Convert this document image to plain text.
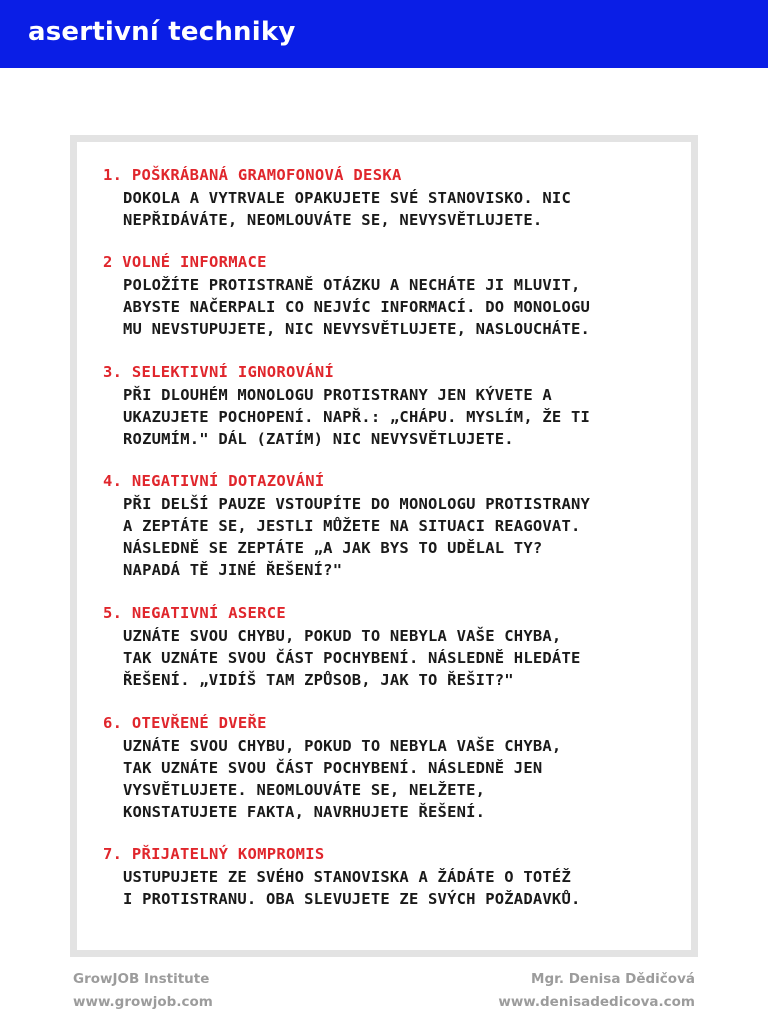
asertivní techniky
1. POŠKRÁBANÁ GRAMOFONOVÁ DESKA
DOKOLA A VYTRVALE OPAKUJETE SVÉ STANOVISKO. NIC
NEPŘIDÁVÁTE, NEOMLOUVÁTE SE, NEVYSVĚTLUJETE.
2 VOLNÉ INFORMACE
POLOŽÍTE PROTISTRANĚ OTÁZKU A NECHÁTE JI MLUVIT,
ABYSTE NAČERPALI CO NEJVÍC INFORMACÍ. DO MONOLOGU
MU NEVSTUPUJETE, NIC NEVYSVĚTLUJETE, NASLOUCHÁTE.
3. SELEKTIVNÍ IGNOROVÁNÍ
PŘI DLOUHÉM MONOLOGU PROTISTRANY JEN KÝVETE A
UKAZUJETE POCHOPENÍ. NAPŘ.: „CHÁPU. MYSLÍM, ŽE TI
ROZUMÍM." DÁL (ZATÍM) NIC NEVYSVĚTLUJETE.
4. NEGATIVNÍ DOTAZOVÁNÍ
PŘI DELŠÍ PAUZE VSTOUPÍTE DO MONOLOGU PROTISTRANY
A ZEPTÁTE SE, JESTLI MŮŽETE NA SITUACI REAGOVAT.
NÁSLEDNĚ SE ZEPTÁTE „A JAK BYS TO UDĚLAL TY?
NAPADÁ TĚ JINÉ ŘEŠENÍ?"
5. NEGATIVNÍ ASERCE
UZNÁTE SVOU CHYBU, POKUD TO NEBYLA VAŠE CHYBA,
TAK UZNÁTE SVOU ČÁST POCHYBENÍ. NÁSLEDNĚ HLEDÁTE
ŘEŠENÍ. „VIDÍŠ TAM ZPŮSOB, JAK TO ŘEŠIT?"
6. OTEVŘENÉ DVEŘE
UZNÁTE SVOU CHYBU, POKUD TO NEBYLA VAŠE CHYBA,
TAK UZNÁTE SVOU ČÁST POCHYBENÍ. NÁSLEDNĚ JEN
VYSVĚTLUJETE. NEOMLOUVÁTE SE, NELŽETE,
KONSTATUJETE FAKTA, NAVRHUJETE ŘEŠENÍ.
7. PŘIJATELNÝ KOMPROMIS
USTUPUJETE ZE SVÉHO STANOVISKA A ŽÁDÁTE O TOTÉŽ
I PROTISTRANU. OBA SLEVUJETE ZE SVÝCH POŽADAVKŮ.
GrowJOB Institute
www.growjob.com
Mgr. Denisa Dědičová
www.denisadedicova.com
